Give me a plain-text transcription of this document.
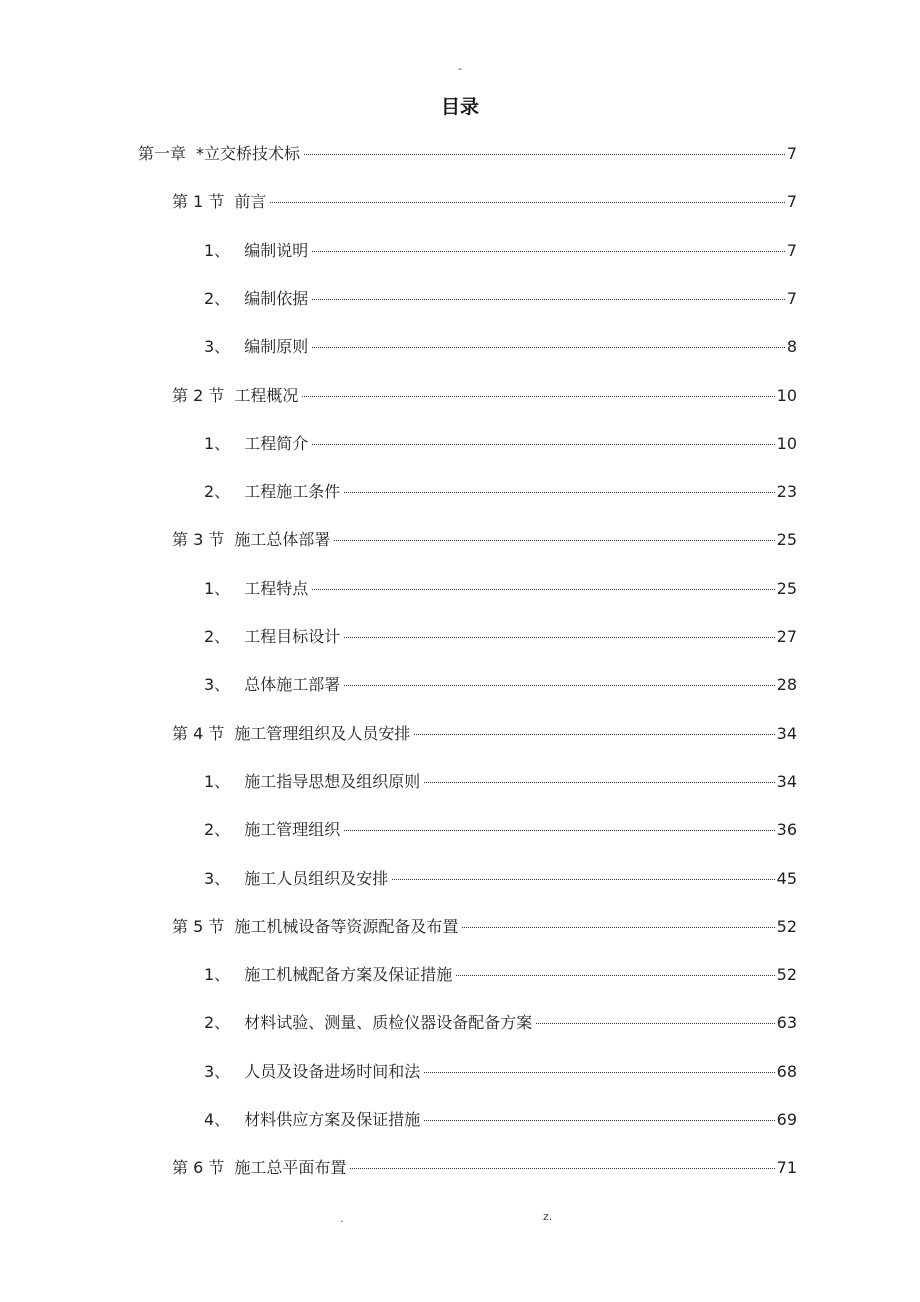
-
目录
第一章 *立交桥技术标	7
第 1 节 前言	7
1、 编制说明	7
2、 编制依据	7
3、 编制原则	8
第 2 节 工程概况	10
1、 工程简介	10
2、 工程施工条件	23
第 3 节 施工总体部署	25
1、 工程特点	25
2、 工程目标设计	27
3、 总体施工部署	28
第 4 节 施工管理组织及人员安排	34
1、 施工指导思想及组织原则	34
2、 施工管理组织	36
3、 施工人员组织及安排	45
第 5 节 施工机械设备等资源配备及布置	52
1、 施工机械配备方案及保证措施	52
2、 材料试验、测量、质检仪器设备配备方案	63
3、 人员及设备进场时间和法	68
4、 材料供应方案及保证措施	69
第 6 节 施工总平面布置	71
.	z.
